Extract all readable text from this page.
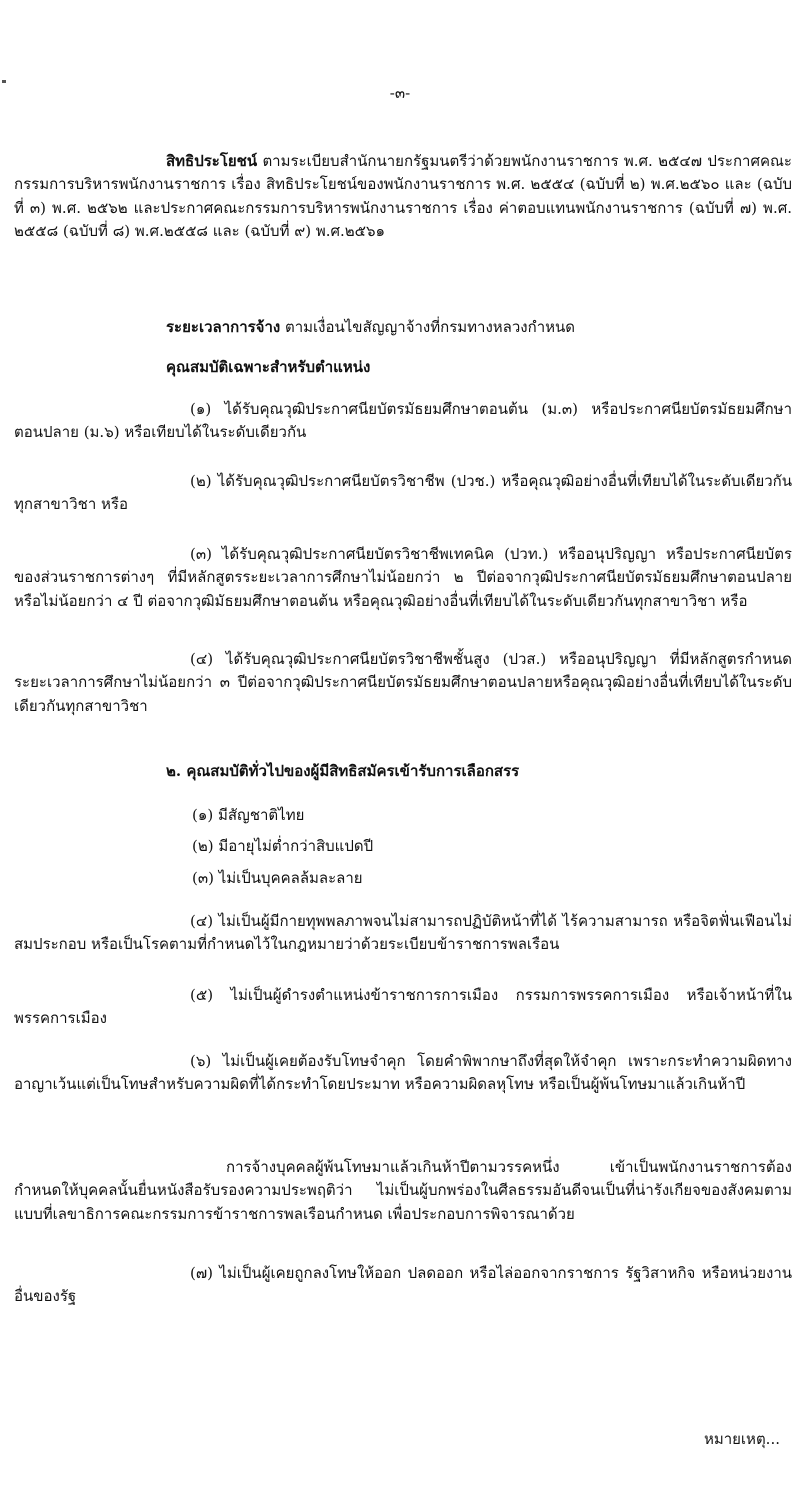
-๓-

สิทธิประโยชน์ ตามระเบียบสำนักนายกรัฐมนตรีว่าด้วยพนักงานราชการ พ.ศ. ๒๕๔๗ ประกาศคณะกรรมการบริหารพนักงานราชการ เรื่อง สิทธิประโยชน์ของพนักงานราชการ พ.ศ. ๒๕๕๔ (ฉบับที่ ๒) พ.ศ.๒๕๖๐ และ (ฉบับที่ ๓) พ.ศ. ๒๕๖๒ และประกาศคณะกรรมการบริหารพนักงานราชการ เรื่อง ค่าตอบแทนพนักงานราชการ (ฉบับที่ ๗) พ.ศ. ๒๕๕๘ (ฉบับที่ ๘) พ.ศ.๒๕๕๘ และ (ฉบับที่ ๙) พ.ศ.๒๕๖๑

ระยะเวลาการจ้าง ตามเงื่อนไขสัญญาจ้างที่กรมทางหลวงกำหนด

คุณสมบัติเฉพาะสำหรับตำแหน่ง

(๑) ได้รับคุณวุฒิประกาศนียบัตรมัธยมศึกษาตอนต้น (ม.๓) หรือประกาศนียบัตรมัธยมศึกษาตอนปลาย (ม.๖) หรือเทียบได้ในระดับเดียวกัน

(๒) ได้รับคุณวุฒิประกาศนียบัตรวิชาชีพ (ปวช.) หรือคุณวุฒิอย่างอื่นที่เทียบได้ในระดับเดียวกันทุกสาขาวิชา หรือ

(๓) ได้รับคุณวุฒิประกาศนียบัตรวิชาชีพเทคนิค (ปวท.) หรืออนุปริญญา หรือประกาศนียบัตรของส่วนราชการต่างๆ ที่มีหลักสูตรระยะเวลาการศึกษาไม่น้อยกว่า ๒ ปีต่อจากวุฒิประกาศนียบัตรมัธยมศึกษาตอนปลายหรือไม่น้อยกว่า ๔ ปี ต่อจากวุฒิมัธยมศึกษาตอนต้น หรือคุณวุฒิอย่างอื่นที่เทียบได้ในระดับเดียวกันทุกสาขาวิชา หรือ

(๔) ได้รับคุณวุฒิประกาศนียบัตรวิชาชีพชั้นสูง (ปวส.) หรืออนุปริญญา ที่มีหลักสูตรกำหนดระยะเวลาการศึกษาไม่น้อยกว่า ๓ ปีต่อจากวุฒิประกาศนียบัตรมัธยมศึกษาตอนปลายหรือคุณวุฒิอย่างอื่นที่เทียบได้ในระดับเดียวกันทุกสาขาวิชา

๒. คุณสมบัติทั่วไปของผู้มีสิทธิสมัครเข้ารับการเลือกสรร

(๑) มีสัญชาติไทย

(๒) มีอายุไม่ต่ำกว่าสิบแปดปี

(๓) ไม่เป็นบุคคลล้มละลาย

(๔) ไม่เป็นผู้มีกายทุพพลภาพจนไม่สามารถปฏิบัติหน้าที่ได้ ไร้ความสามารถ หรือจิตฟั่นเฟือนไม่สมประกอบ หรือเป็นโรคตามที่กำหนดไว้ในกฎหมายว่าด้วยระเบียบข้าราชการพลเรือน

(๕) ไม่เป็นผู้ดำรงตำแหน่งข้าราชการการเมือง กรรมการพรรคการเมือง หรือเจ้าหน้าที่ในพรรคการเมือง

(๖) ไม่เป็นผู้เคยต้องรับโทษจำคุก โดยคำพิพากษาถึงที่สุดให้จำคุก เพราะกระทำความผิดทางอาญาเว้นแต่เป็นโทษสำหรับความผิดที่ได้กระทำโดยประมาท หรือความผิดลหุโทษ หรือเป็นผู้พ้นโทษมาแล้วเกินห้าปี

การจ้างบุคคลผู้พ้นโทษมาแล้วเกินห้าปีตามวรรคหนึ่ง เข้าเป็นพนักงานราชการต้องกำหนดให้บุคคลนั้นยื่นหนังสือรับรองความประพฤติว่า ไม่เป็นผู้บกพร่องในศีลธรรมอันดีจนเป็นที่น่ารังเกียจของสังคมตามแบบที่เลขาธิการคณะกรรมการข้าราชการพลเรือนกำหนด เพื่อประกอบการพิจารณาด้วย

(๗) ไม่เป็นผู้เคยถูกลงโทษให้ออก ปลดออก หรือไล่ออกจากราชการ รัฐวิสาหกิจ หรือหน่วยงานอื่นของรัฐ

หมายเหตุ...
